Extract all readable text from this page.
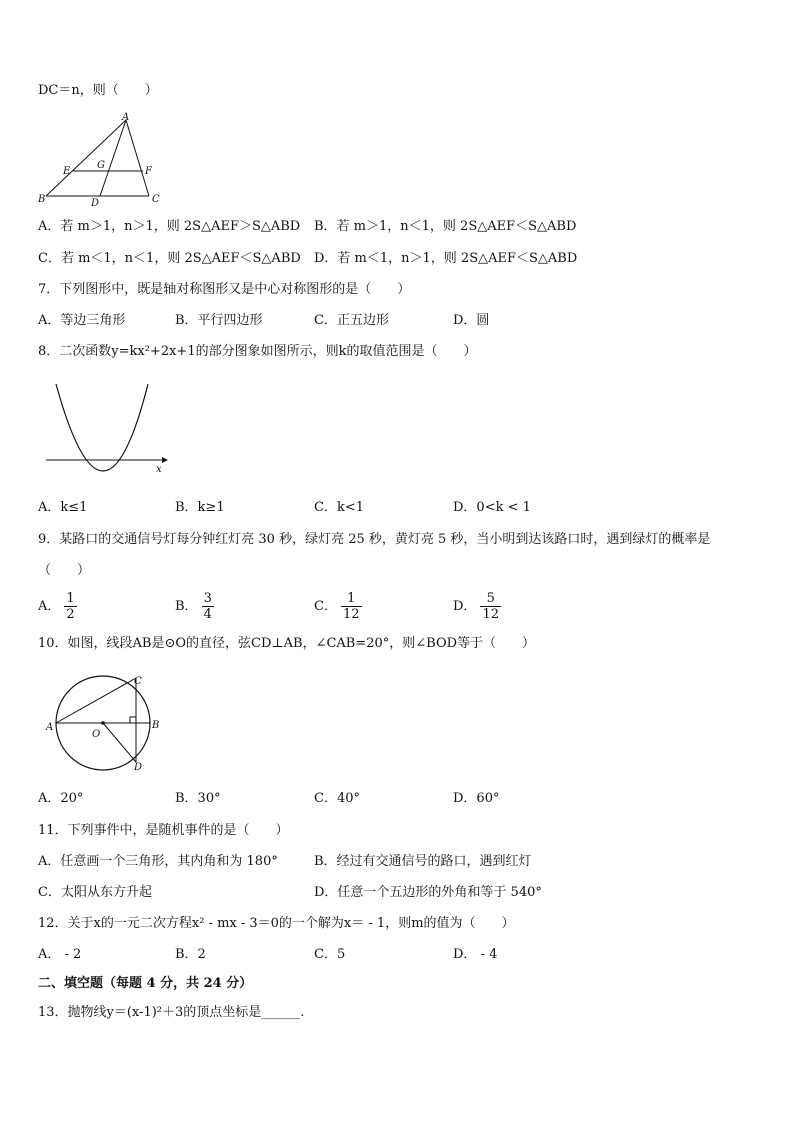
DC＝n，则（　　）
A
E
G
F
B	D	C
A．若 m＞1，n＞1，则 2S△AEF＞S△ABD B．若 m＞1，n＜1，则 2S△AEF＜S△ABD
C．若 m＜1，n＜1，则 2S△AEF＜S△ABD D．若 m＜1，n＞1，则 2S△AEF＜S△ABD
7．下列图形中，既是轴对称图形又是中心对称图形的是（　　）
A．等边三角形	B．平行四边形	C．正五边形	D．圆
8．二次函数y=kx²+2x+1的部分图象如图所示，则k的取值范围是（　　）
x
A．k≤1	B．k≥1	C．k<1	D．0<k < 1
9．某路口的交通信号灯每分钟红灯亮 30 秒，绿灯亮 25 秒，黄灯亮 5 秒，当小明到达该路口时，遇到绿灯的概率是
（　　）
A． $\frac{1}{2}$	B． $\frac{3}{4}$	C． $\frac{1}{12}$	D． $\frac{5}{12}$
10．如图，线段AB是⊙O的直径，弦CD⊥AB，∠CAB=20°，则∠BOD等于（　　）
A
O
B
C
D
A．20°	B．30°	C．40°	D．60°
11．下列事件中，是随机事件的是（　　）
A．任意画一个三角形，其内角和为 180°	B．经过有交通信号的路口，遇到红灯
C．太阳从东方升起	D．任意一个五边形的外角和等于 540°
12．关于x的一元二次方程x² - mx - 3＝0的一个解为x＝ - 1，则m的值为（　　）
A． - 2	B．2	C．5	D． - 4
二、填空题（每题 4 分，共 24 分）
13．抛物线y＝(x-1)²＋3的顶点坐标是______.
